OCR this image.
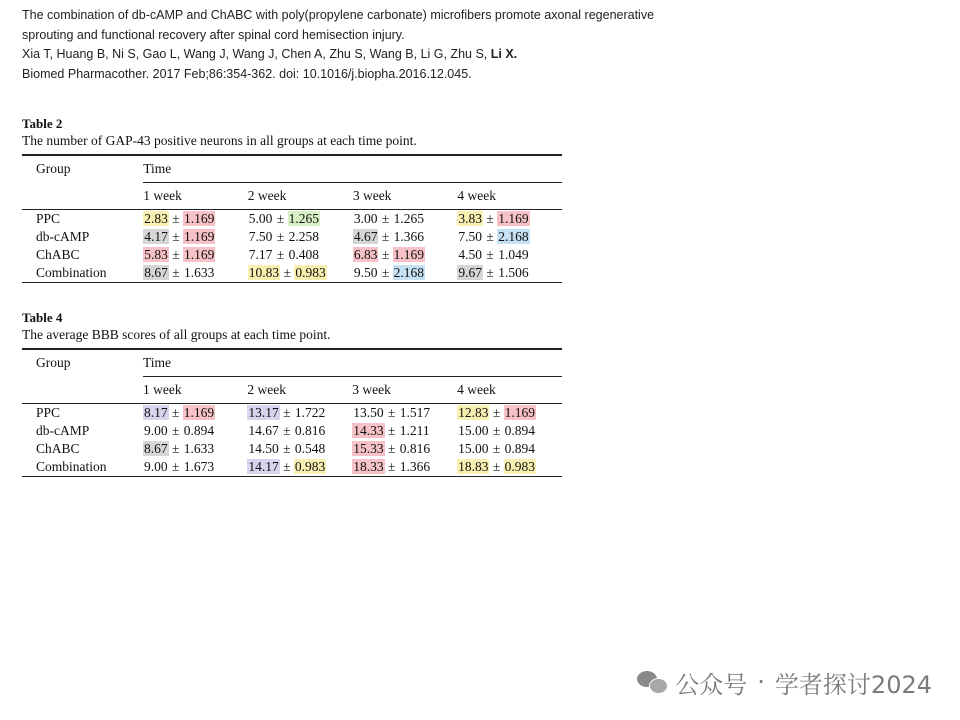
The combination of db-cAMP and ChABC with poly(propylene carbonate) microfibers promote axonal regenerative
sprouting and functional recovery after spinal cord hemisection injury.
Xia T, Huang B, Ni S, Gao L, Wang J, Wang J, Chen A, Zhu S, Wang B, Li G, Zhu S, Li X.
Biomed Pharmacother. 2017 Feb;86:354-362. doi: 10.1016/j.biopha.2016.12.045.
Table 2
The number of GAP-43 positive neurons in all groups at each time point.
Group	Time			
	1 week	2 week	3 week	4 week
PPC	2.83 ± 1.169	5.00 ± 1.265	3.00 ± 1.265	3.83 ± 1.169
db-cAMP	4.17 ± 1.169	7.50 ± 2.258	4.67 ± 1.366	7.50 ± 2.168
ChABC	5.83 ± 1.169	7.17 ± 0.408	6.83 ± 1.169	4.50 ± 1.049
Combination	8.67 ± 1.633	10.83 ± 0.983	9.50 ± 2.168	9.67 ± 1.506
Table 4
The average BBB scores of all groups at each time point.
Group	Time			
	1 week	2 week	3 week	4 week
PPC	8.17 ± 1.169	13.17 ± 1.722	13.50 ± 1.517	12.83 ± 1.169
db-cAMP	9.00 ± 0.894	14.67 ± 0.816	14.33 ± 1.211	15.00 ± 0.894
ChABC	8.67 ± 1.633	14.50 ± 0.548	15.33 ± 0.816	15.00 ± 0.894
Combination	9.00 ± 1.673	14.17 ± 0.983	18.33 ± 1.366	18.83 ± 0.983
公众号 · 学者探讨2024
